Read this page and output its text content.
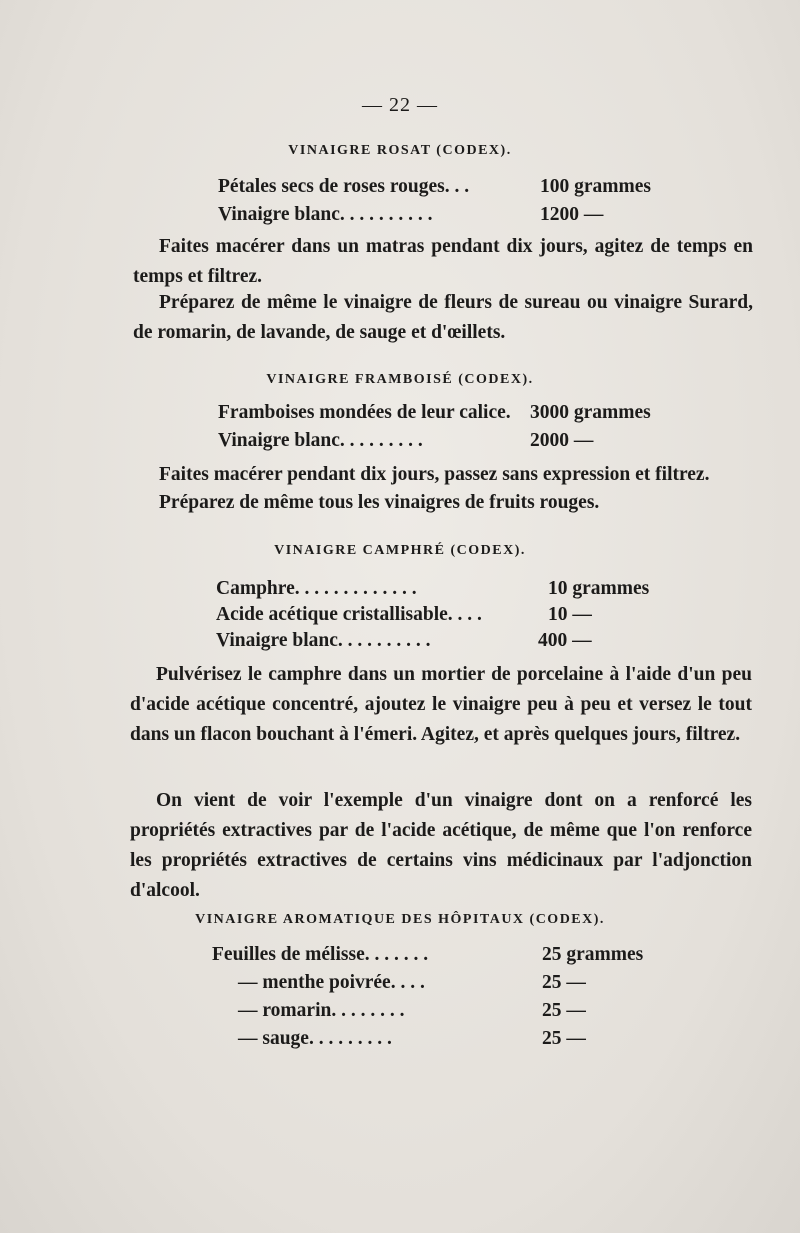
— 22 —
VINAIGRE ROSAT (CODEX).
Pétales secs de roses rouges. . .	100 grammes
Vinaigre blanc. . . . . . . . . .	1200 —

Faites macérer dans un matras pendant dix jours, agitez de temps en temps et filtrez.

Préparez de même le vinaigre de fleurs de sureau ou vinaigre Surard, de romarin, de lavande, de sauge et d'œillets.

VINAIGRE FRAMBOISÉ (CODEX).
Framboises mondées de leur calice. 3000 grammes
Vinaigre blanc. . . . . . . . .	2000 —

Faites macérer pendant dix jours, passez sans expression et filtrez.

Préparez de même tous les vinaigres de fruits rouges.

VINAIGRE CAMPHRÉ (CODEX).
Camphre. . . . . . . . . . . . .	10 grammes
Acide acétique cristallisable. . . .	10 —
Vinaigre blanc. . . . . . . . . .	400 —

Pulvérisez le camphre dans un mortier de porcelaine à l'aide d'un peu d'acide acétique concentré, ajoutez le vinaigre peu à peu et versez le tout dans un flacon bouchant à l'émeri. Agitez, et après quelques jours, filtrez.

On vient de voir l'exemple d'un vinaigre dont on a renforcé les propriétés extractives par de l'acide acétique, de même que l'on renforce les propriétés extractives de certains vins médicinaux par l'adjonction d'alcool.

VINAIGRE AROMATIQUE DES HÔPITAUX (CODEX).
Feuilles de mélisse. . . . . . .	25 grammes
— menthe poivrée. . . .	25 —
— romarin. . . . . . . .	25 —
— sauge. . . . . . . . .	25 —
